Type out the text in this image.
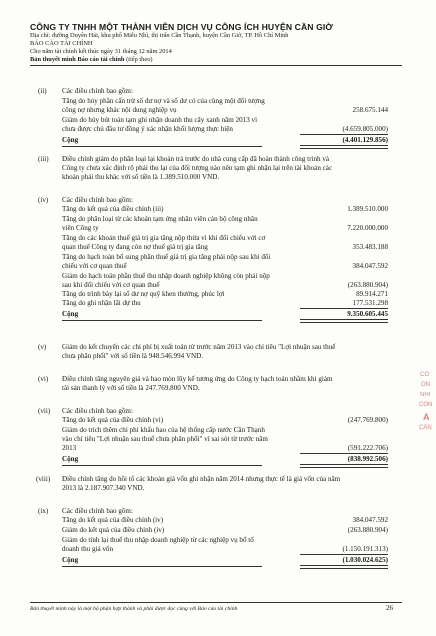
CÔNG TY TNHH MỘT THÀNH VIÊN DỊCH VỤ CÔNG ÍCH HUYỆN CẦN GIỜ
Địa chỉ: đường Duyên Hải, khu phố Miễu Nhì, thị trấn Cần Thạnh, huyện Cần Giờ, TP. Hồ Chí Minh
BÁO CÁO TÀI CHÍNH
Cho năm tài chính kết thúc ngày 31 tháng 12 năm 2014
Bản thuyết minh Báo cáo tài chính (tiếp theo)
(ii) Các điều chỉnh bao gồm:
Tăng do hủy phần cấn trừ số dư nợ và số dư có của cùng một đối tượng
công nợ nhưng khác nội dung nghiệp vụ	258.675.144
Giảm do hủy bút toán tạm ghi nhận doanh thu cây xanh năm 2013 vì
chưa được chủ đầu tư đồng ý xác nhận khối lượng thực hiện	(4.659.805.000)
Cộng	(4.401.129.856)
(iii) Điều chỉnh giảm do phân loại lại khoản trả trước do nhà cung cấp đã hoàn thành công trình và
Công ty chưa xác định rõ phải thu lại của đối tượng nào nên tạm ghi nhận lại trên tài khoản các
khoản phải thu khác với số tiền là 1.389.510.000 VND.
(iv) Các điều chỉnh bao gồm:
Tăng do kết quả của điều chỉnh (iii)	1.389.510.000
Tăng do phân loại từ các khoản tạm ứng nhân viên cán bộ công nhân
viên Công ty	7.220.000.000
Tăng do các khoản thuế giá trị gia tăng nộp thừa vì khi đối chiếu với cơ
quan thuế Công ty đang còn nợ thuế giá trị gia tăng	353.483.188
Tăng do hạch toán bổ sung phần thuế giá trị gia tăng phải nộp sau khi đối
chiếu với cơ quan thuế	384.047.592
Giảm do hạch toán phần thuế thu nhập doanh nghiệp không còn phải nộp
sau khi đối chiếu với cơ quan thuế	(263.880.904)
Tăng do trình bày lại số dư nợ quỹ khen thưởng, phúc lợi	89.914.271
Tăng do ghi nhận lãi dự thu	177.531.298
Cộng	9.350.605.445
(v) Giảm do kết chuyển các chi phí bị xuất toán từ trước năm 2013 vào chỉ tiêu "Lợi nhuận sau thuế
chưa phân phối" với số tiền là 948.546.994 VND.
(vi) Điều chỉnh tăng nguyên giá và hao mòn lũy kế tương ứng do Công ty hạch toán nhầm khi giảm
tài sản thanh lý với số tiền là 247.769.800 VND.
(vii) Các điều chỉnh bao gồm:
Tăng do kết quả của điều chỉnh (vi)	(247.769.800)
Giảm do trích thêm chi phí khấu hao của hệ thống cấp nước Cần Thạnh
vào chỉ tiêu "Lợi nhuận sau thuế chưa phân phối" vì sai sót từ trước năm
2013	(591.222.706)
Cộng	(838.992.506)
(viii) Điều chỉnh tăng do hồi tố các khoản giá vốn ghi nhận năm 2014 nhưng thực tế là giá vốn của năm
2013 là 2.187.907.340 VND.
(ix) Các điều chỉnh bao gồm:
Tăng do kết quả của điều chỉnh (iv)	384.047.592
Giảm do kết quả của điều chỉnh (iv)	(263.880.904)
Giảm do tính lại thuế thu nhập doanh nghiệp từ các nghiệp vụ bổ tố
doanh thu giá vốn	(1.150.191.313)
Cộng	(1.030.024.625)
Bản thuyết minh này là một bộ phận hợp thành và phải được đọc cùng với Báo cáo tài chính	26
CÔ
ÔN
NHI
CÔN
A
CẦN
